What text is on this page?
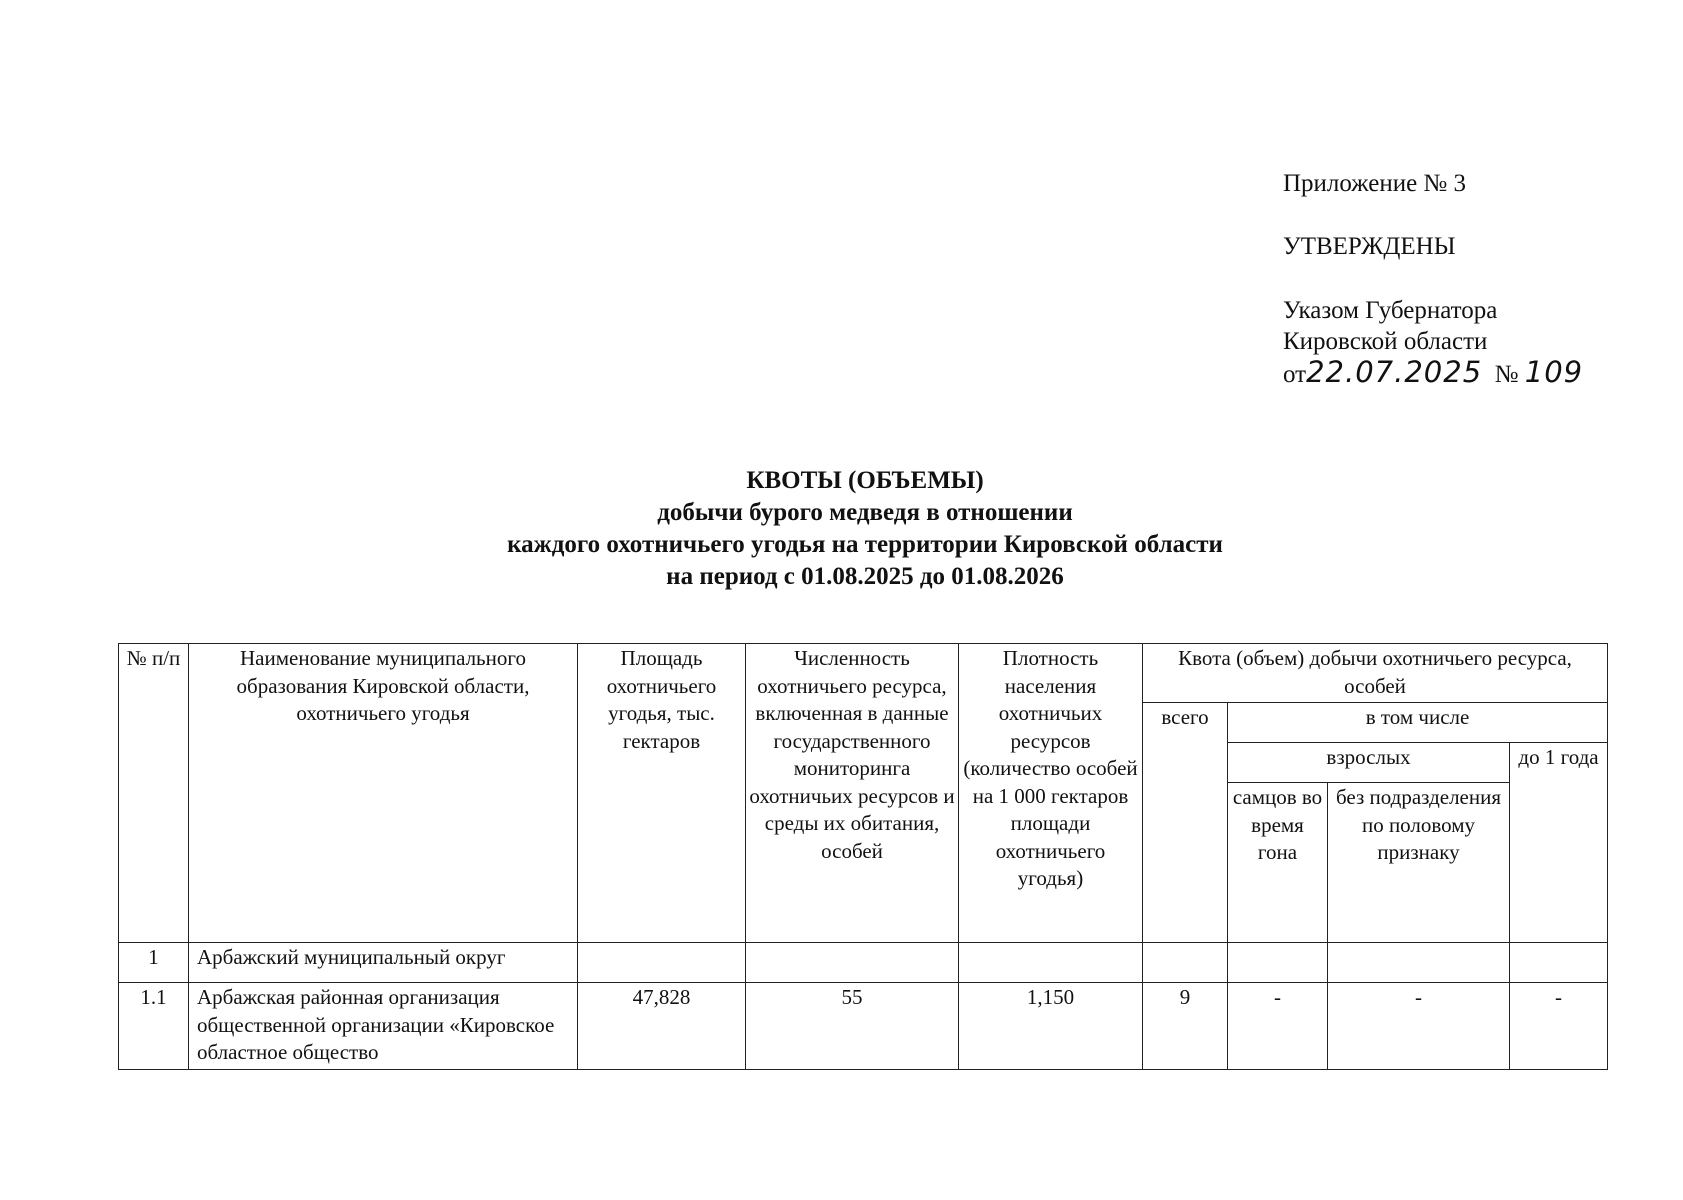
Приложение № 3

УТВЕРЖДЕНЫ

Указом Губернатора

Кировской области

от22.07.2025 № 109

КВОТЫ (ОБЪЕМЫ)
добычи бурого медведя в отношении
каждого охотничьего угодья на территории Кировской области
на период с 01.08.2025 до 01.08.2026
№ п/п	Наименование муниципального образования Кировской области, охотничьего угодья	Площадь охотничьего угодья, тыс. гектаров	Численность охотничьего ресурса, включенная в данные государственного мониторинга охотничьих ресурсов и среды их обитания, особей	Плотность населения охотничьих ресурсов (количество особей на 1 000 гектаров площади охотничьего угодья)	Квота (объем) добычи охотничьего ресурса, особей			
					всего	в том числе		
						взрослых		до 1 года
						самцов во время гона	без подразделения по половому признаку	
1	Арбажский муниципальный округ							
1.1	Арбажская районная организация общественной организации «Кировское областное общество	47,828	55	1,150	9	-	-	-
